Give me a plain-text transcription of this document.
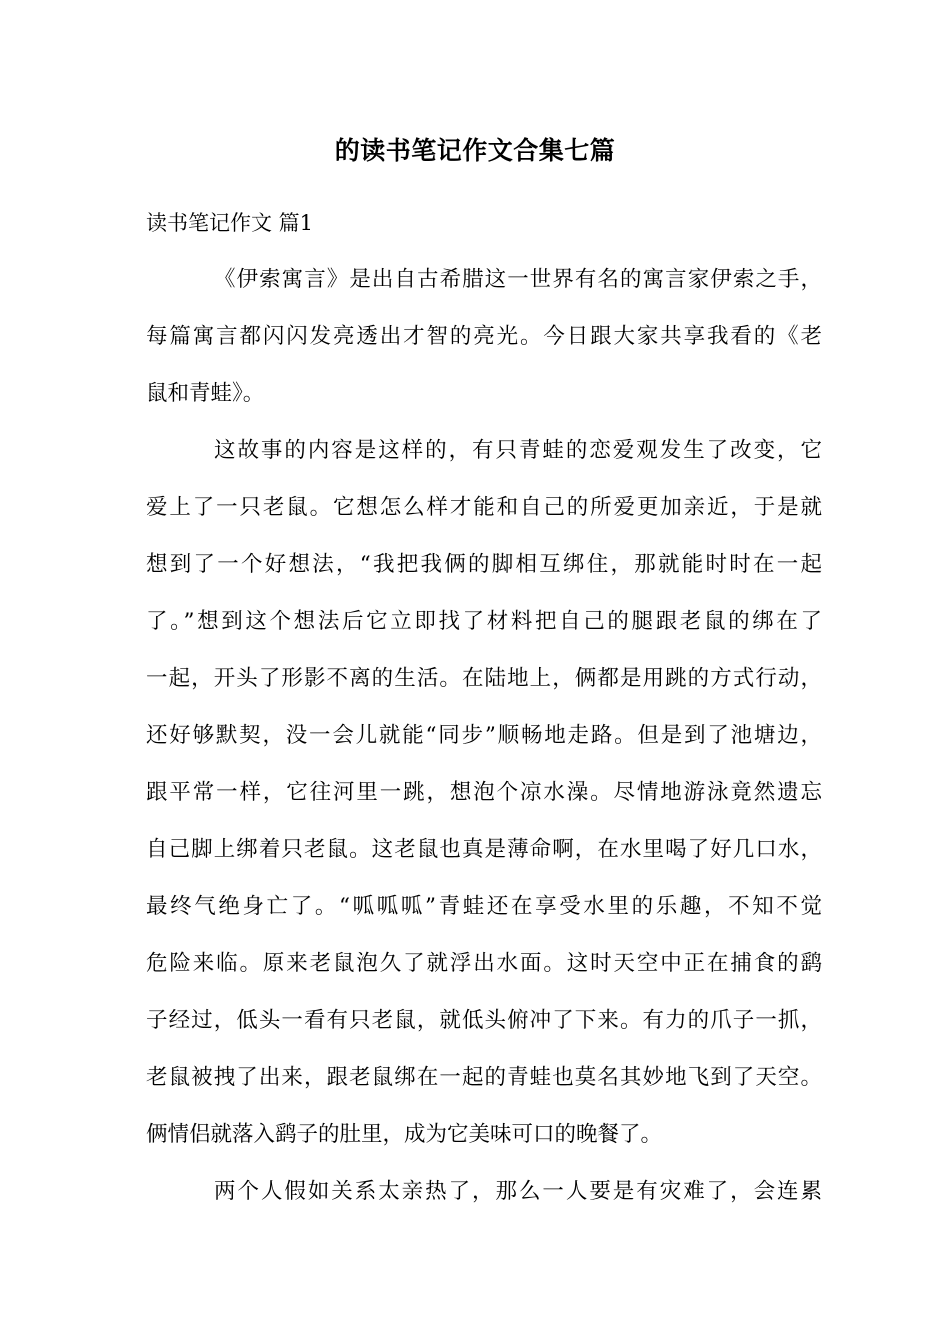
的读书笔记作文合集七篇
读书笔记作文 篇1
《伊索寓言》是出自古希腊这一世界有名的寓言家伊索之手，
每篇寓言都闪闪发亮透出才智的亮光。今日跟大家共享我看的《老
鼠和青蛙》。
这故事的内容是这样的，有只青蛙的恋爱观发生了改变，它
爱上了一只老鼠。它想怎么样才能和自己的所爱更加亲近，于是就
想到了一个好想法，“我把我俩的脚相互绑住，那就能时时在一起
了。”想到这个想法后它立即找了材料把自己的腿跟老鼠的绑在了
一起，开头了形影不离的生活。在陆地上，俩都是用跳的方式行动，
还好够默契，没一会儿就能“同步”顺畅地走路。但是到了池塘边，
跟平常一样，它往河里一跳，想泡个凉水澡。尽情地游泳竟然遗忘
自己脚上绑着只老鼠。这老鼠也真是薄命啊，在水里喝了好几口水，
最终气绝身亡了。“呱呱呱”青蛙还在享受水里的乐趣，不知不觉
危险来临。原来老鼠泡久了就浮出水面。这时天空中正在捕食的鹞
子经过，低头一看有只老鼠，就低头俯冲了下来。有力的爪子一抓，
老鼠被拽了出来，跟老鼠绑在一起的青蛙也莫名其妙地飞到了天空。
俩情侣就落入鹞子的肚里，成为它美味可口的晚餐了。
两个人假如关系太亲热了，那么一人要是有灾难了，会连累
